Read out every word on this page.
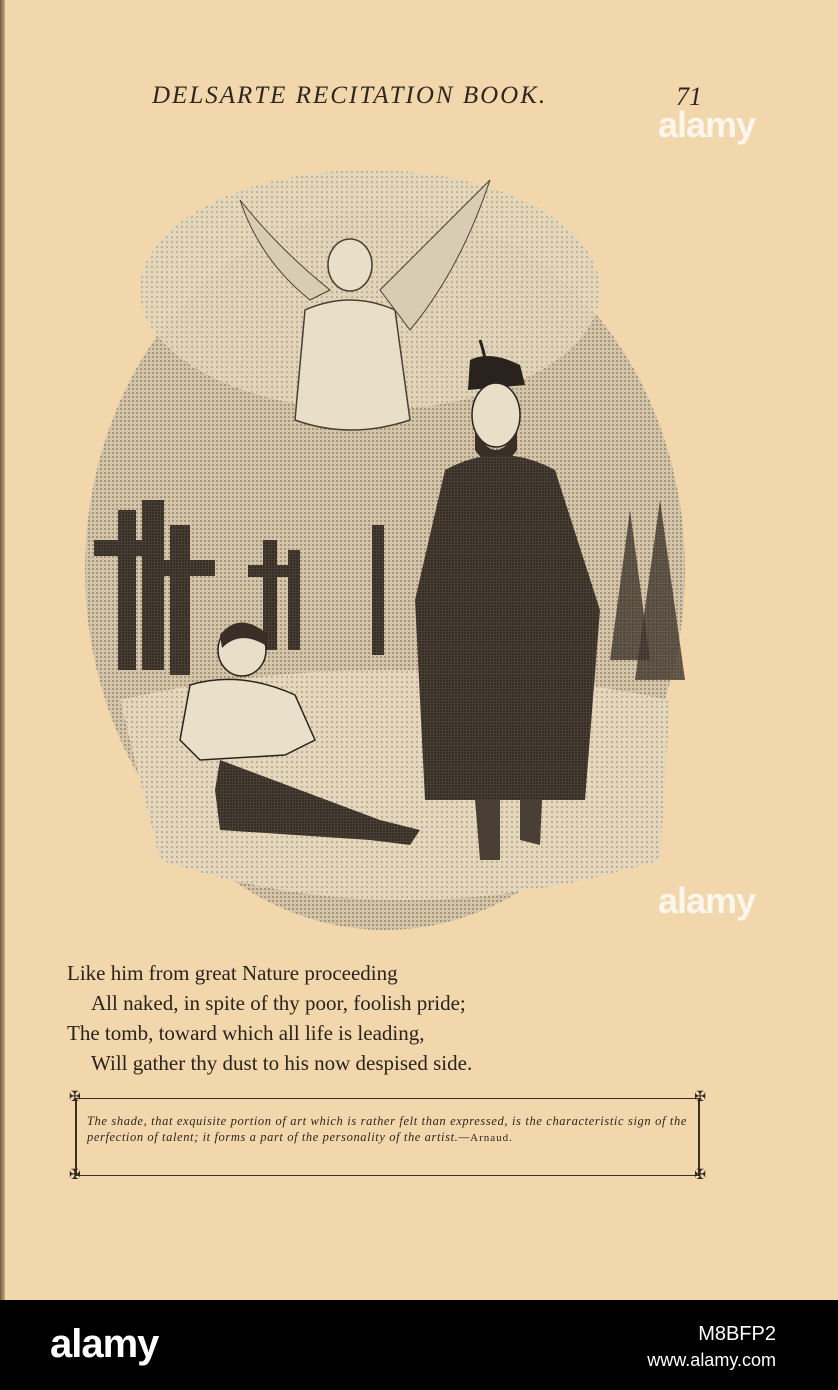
DELSARTE RECITATION BOOK.	71
Like him from great Nature proceeding
All naked, in spite of thy poor, foolish pride;
The tomb, toward which all life is leading,
Will gather thy dust to his now despised side.
✠	✠
✠	✠
The shade, that exquisite portion of art which is rather felt than expressed, is the characteristic sign of the perfection of talent; it forms a part of the personality of the artist.—Arnaud.
alamy
alamy
alamy	M8BFP2
www.alamy.com
